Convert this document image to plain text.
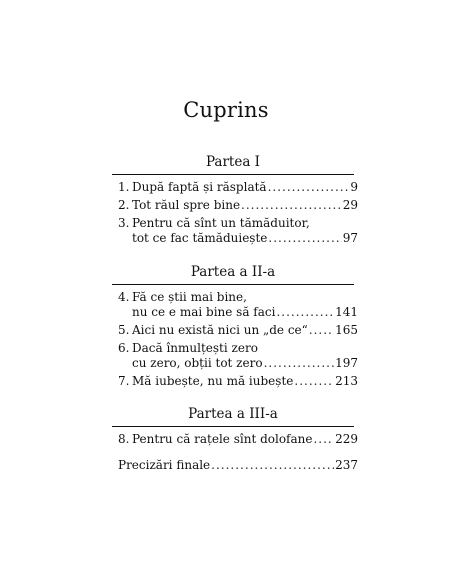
Cuprins
Partea I
1. După faptă și răsplată .....	9
2. Tot răul spre bine .....	29
3. Pentru că sînt un tămăduitor,
tot ce fac tămăduiește .....	97
Partea a II-a
4. Fă ce știi mai bine,
nu ce e mai bine să faci .....	141
5. Aici nu există nici un „de ce“ ..... 165
6. Dacă înmulțești zero
cu zero, obții tot zero .....	197
7. Mă iubește, nu mă iubește .....	213
Partea a III-a
8. Pentru că rațele sînt dolofane ..... 229
Precizări finale .....	237
